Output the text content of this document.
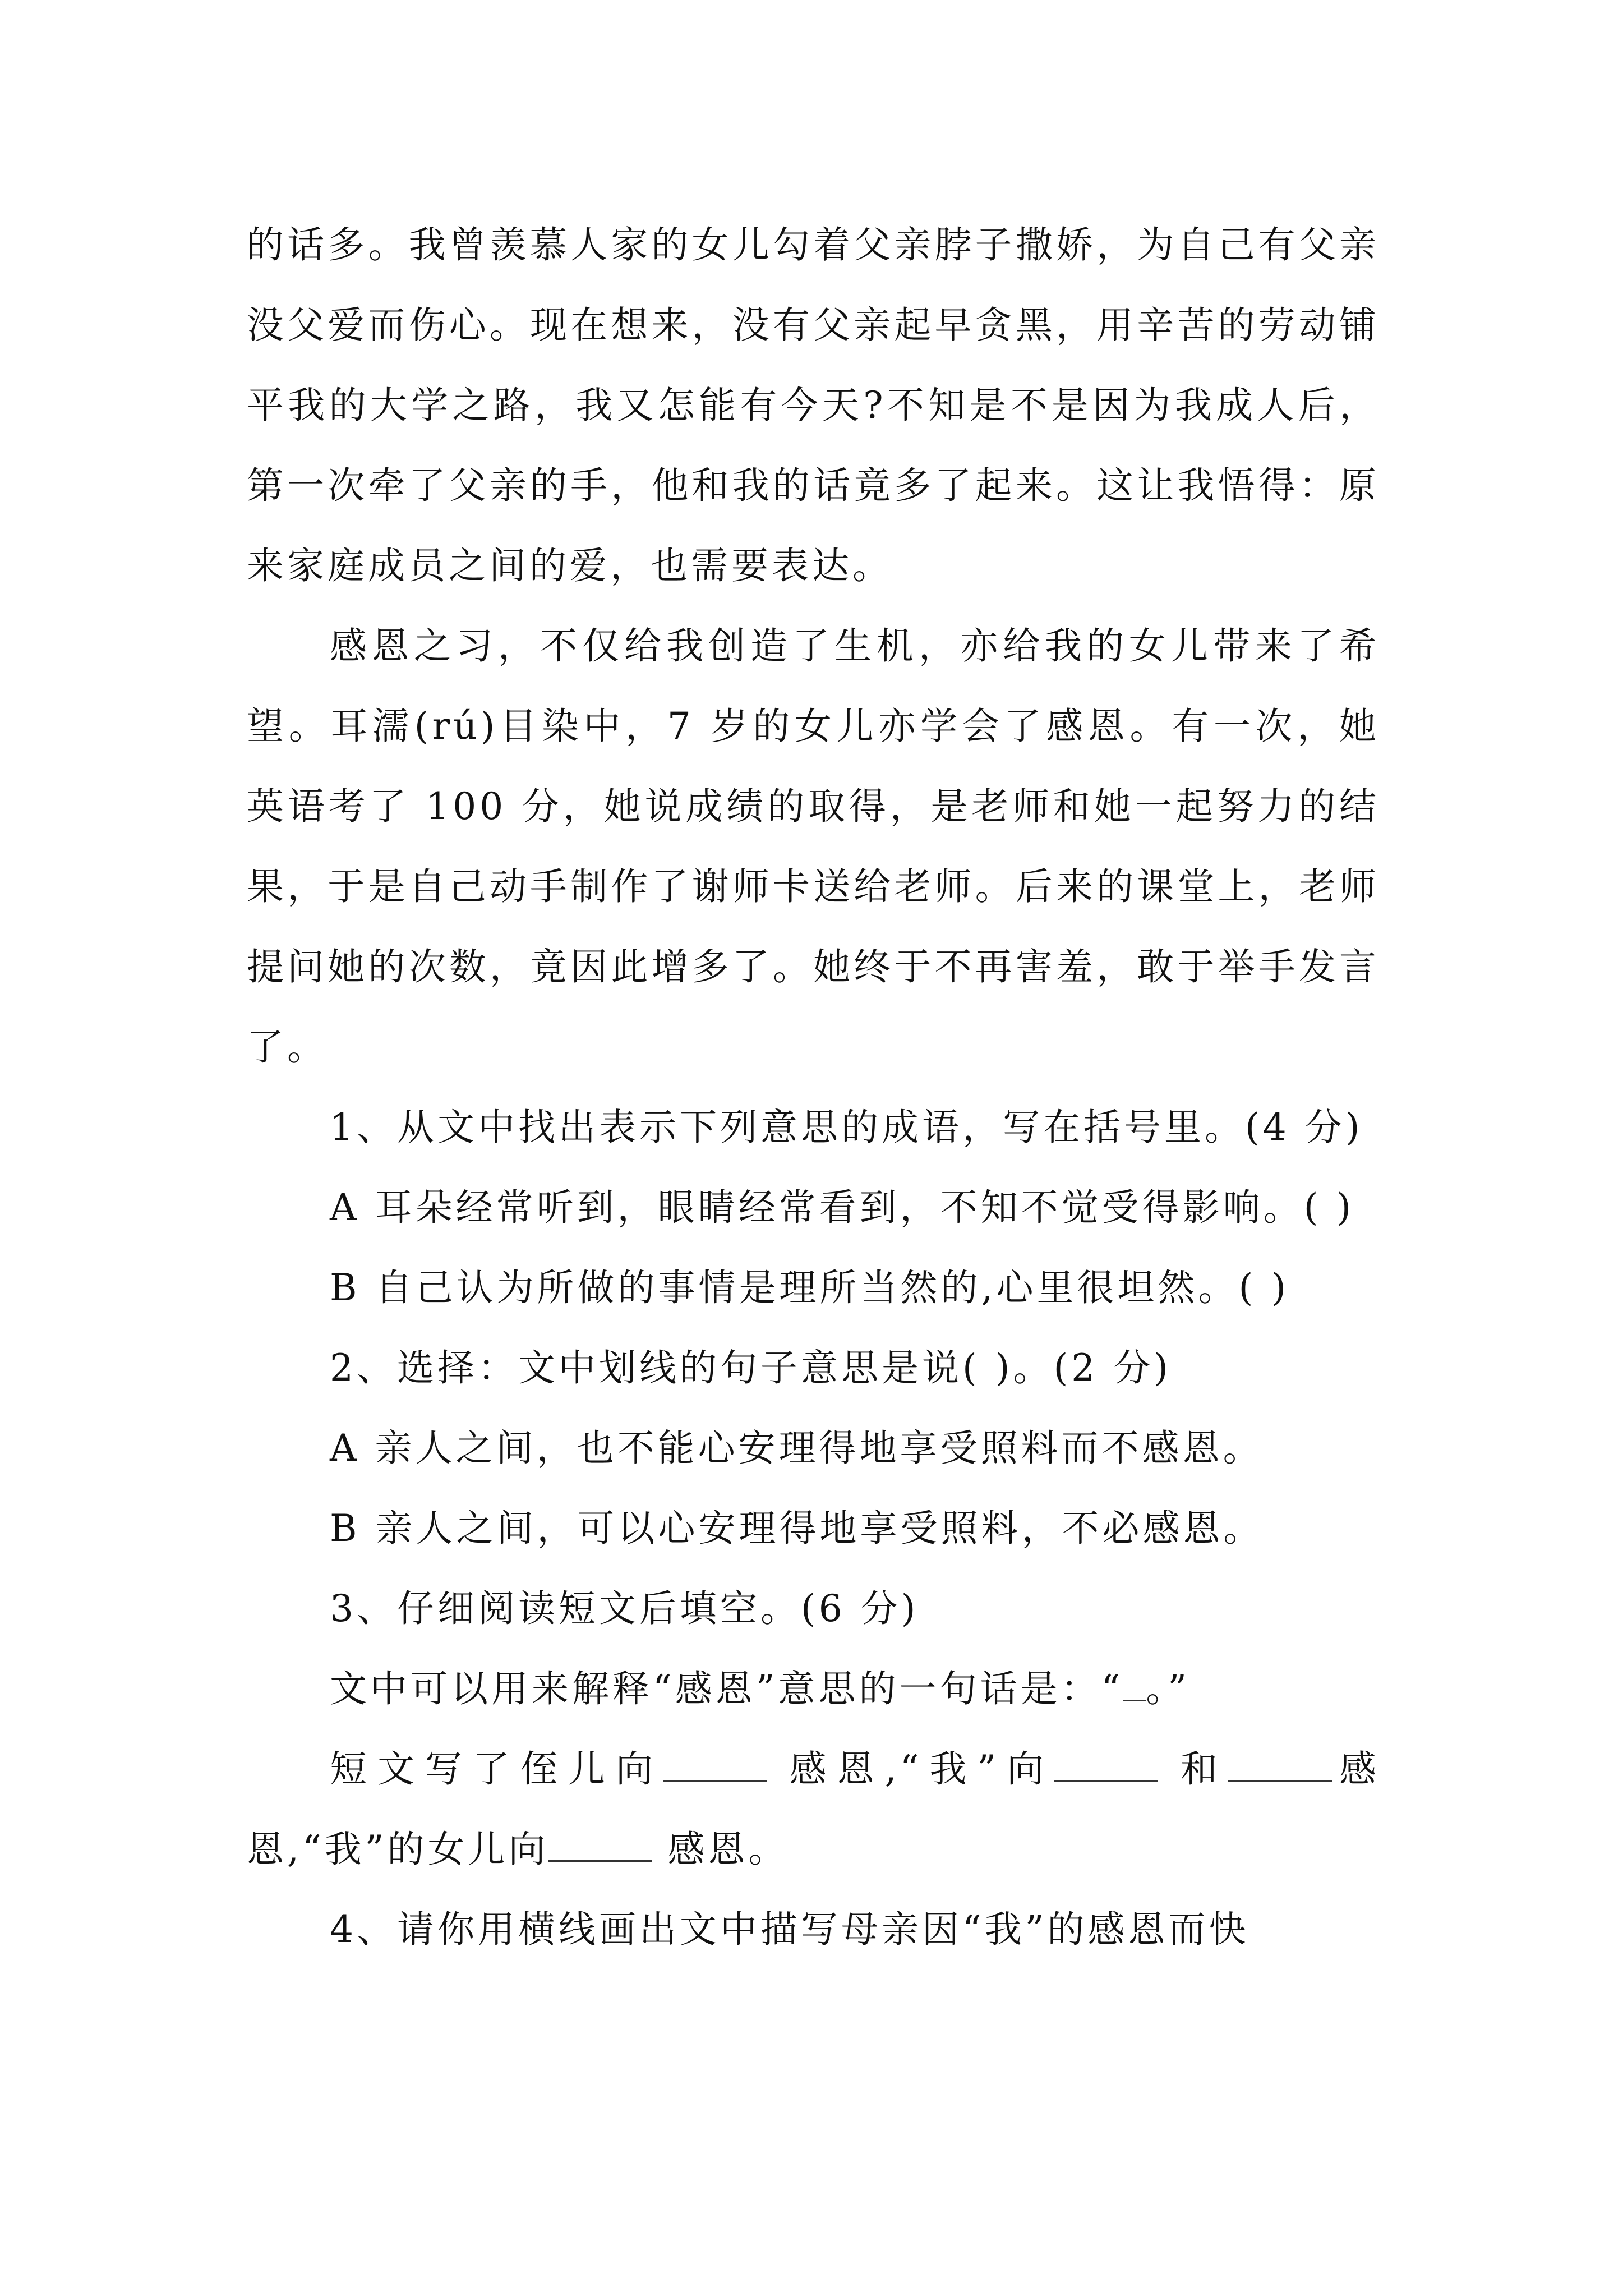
的话多。我曾羡慕人家的女儿勾着父亲脖子撒娇，为自己有父亲没父爱而伤心。现在想来，没有父亲起早贪黑，用辛苦的劳动铺平我的大学之路，我又怎能有今天?不知是不是因为我成人后，第一次牵了父亲的手，他和我的话竟多了起来。这让我悟得：原来家庭成员之间的爱，也需要表达。

感恩之习，不仅给我创造了生机，亦给我的女儿带来了希望。耳濡(rú)目染中，7 岁的女儿亦学会了感恩。有一次，她英语考了 100 分，她说成绩的取得，是老师和她一起努力的结果，于是自己动手制作了谢师卡送给老师。后来的课堂上，老师提问她的次数，竟因此增多了。她终于不再害羞，敢于举手发言了。

1、从文中找出表示下列意思的成语，写在括号里。(4 分)

A 耳朵经常听到，眼睛经常看到，不知不觉受得影响。( )

B 自己认为所做的事情是理所当然的,心里很坦然。( )

2、选择：文中划线的句子意思是说( )。(2 分)

A 亲人之间，也不能心安理得地享受照料而不感恩。

B 亲人之间，可以心安理得地享受照料，不必感恩。

3、仔细阅读短文后填空。(6 分)

文中可以用来解释“感恩”意思的一句话是：“ 。”

短文写了侄儿向	感恩,“我”向	和	感恩,“我”的女儿向	感恩。

4、请你用横线画出文中描写母亲因“我”的感恩而快
